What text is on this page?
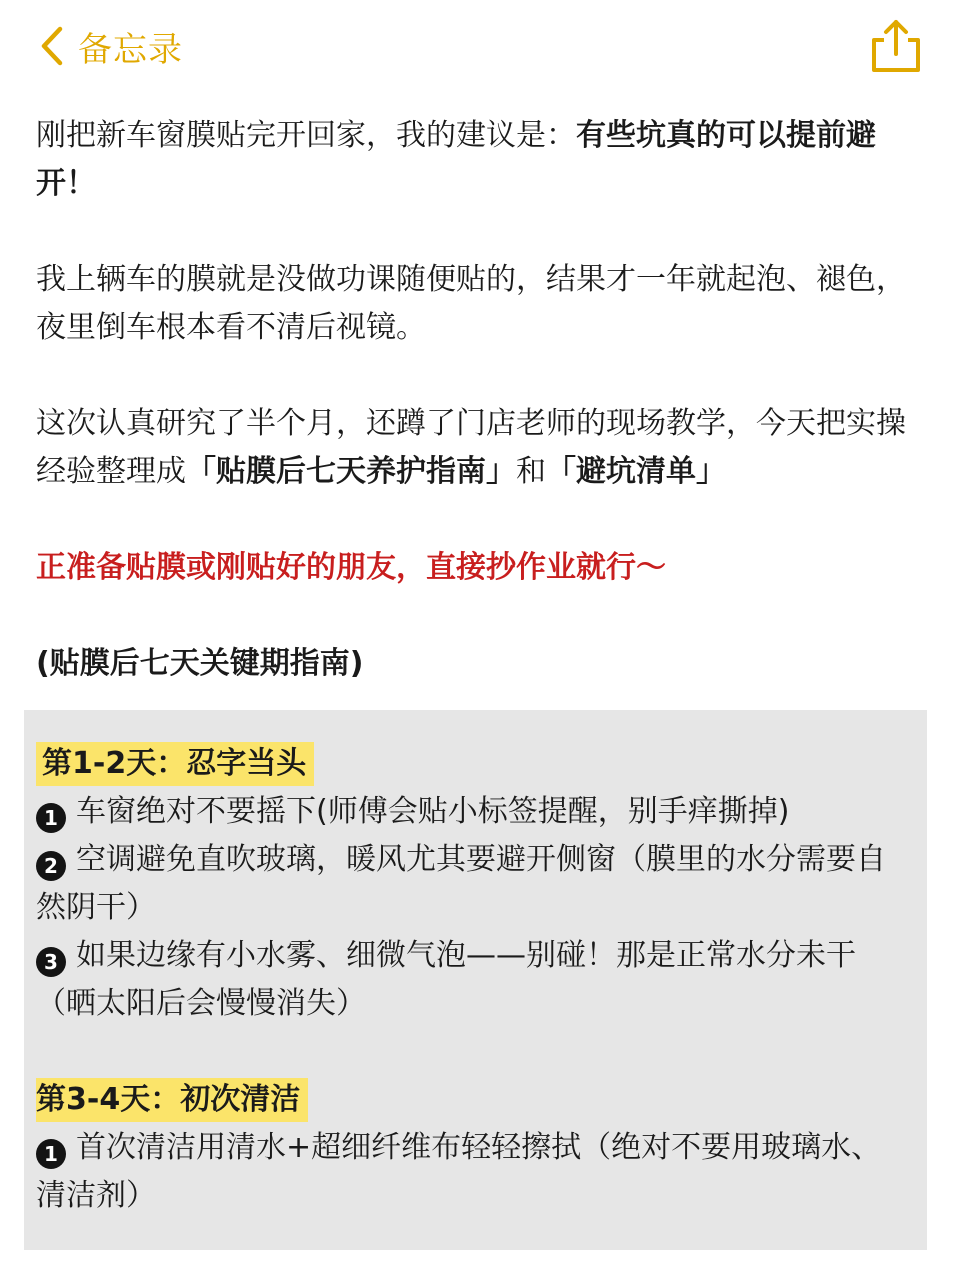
备忘录

刚把新车窗膜贴完开回家，我的建议是：有些坑真的可以提前避开！

我上辆车的膜就是没做功课随便贴的，结果才一年就起泡、褪色，夜里倒车根本看不清后视镜。

这次认真研究了半个月，还蹲了门店老师的现场教学，今天把实操经验整理成「贴膜后七天养护指南」和「避坑清单」

正准备贴膜或刚贴好的朋友，直接抄作业就行～

(贴膜后七天关键期指南)

第1-2天：忍字当头

1 车窗绝对不要摇下(师傅会贴小标签提醒，别手痒撕掉)

2 空调避免直吹玻璃，暖风尤其要避开侧窗（膜里的水分需要自然阴干）

3 如果边缘有小水雾、细微气泡——别碰！那是正常水分未干（晒太阳后会慢慢消失）

第3-4天：初次清洁

1 首次清洁用清水+超细纤维布轻轻擦拭（绝对不要用玻璃水、清洁剂）
